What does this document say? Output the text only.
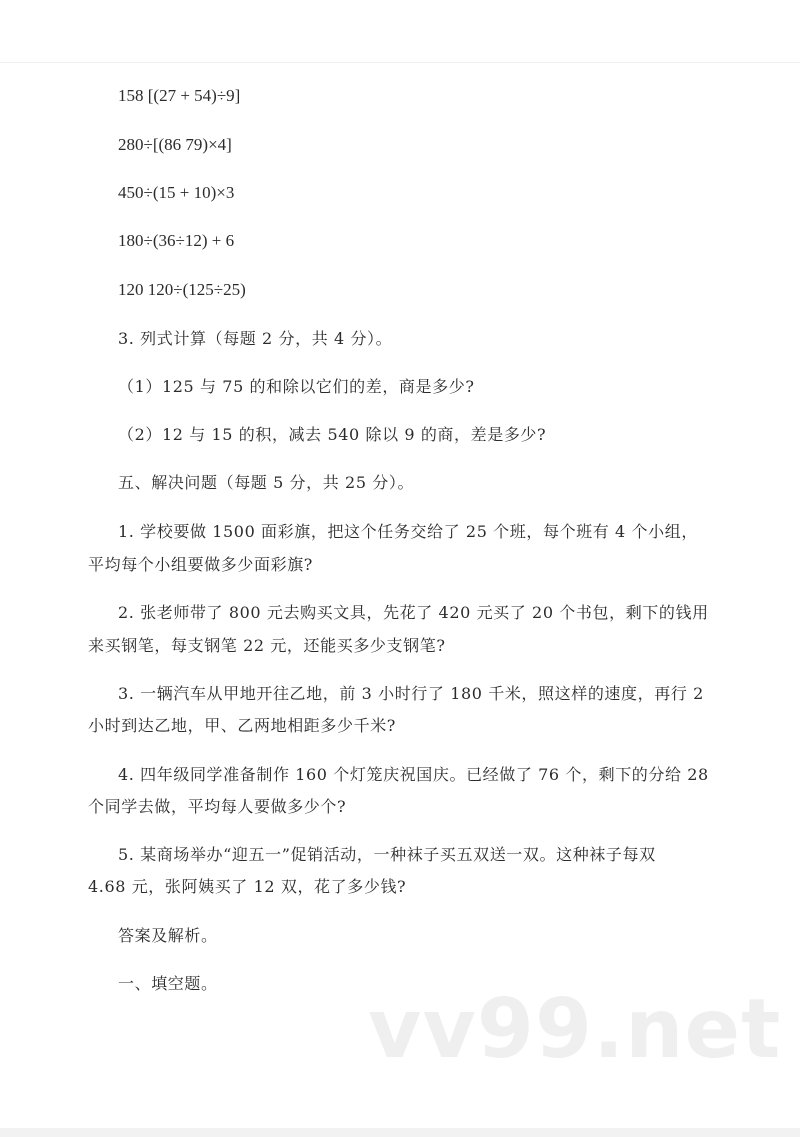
158 [(27 + 54)÷9]
280÷[(86 79)×4]
450÷(15 + 10)×3
180÷(36÷12) + 6
120 120÷(125÷25)
3. 列式计算（每题 2 分，共 4 分）。
（1）125 与 75 的和除以它们的差，商是多少?
（2）12 与 15 的积，减去 540 除以 9 的商，差是多少?
五、解决问题（每题 5 分，共 25 分）。
1. 学校要做 1500 面彩旗，把这个任务交给了 25 个班，每个班有 4 个小组，
平均每个小组要做多少面彩旗?
2. 张老师带了 800 元去购买文具，先花了 420 元买了 20 个书包，剩下的钱用
来买钢笔，每支钢笔 22 元，还能买多少支钢笔?
3. 一辆汽车从甲地开往乙地，前 3 小时行了 180 千米，照这样的速度，再行 2
小时到达乙地，甲、乙两地相距多少千米?
4. 四年级同学准备制作 160 个灯笼庆祝国庆。已经做了 76 个，剩下的分给 28
个同学去做，平均每人要做多少个?
5. 某商场举办“迎五一”促销活动，一种袜子买五双送一双。这种袜子每双
4.68 元，张阿姨买了 12 双，花了多少钱?
答案及解析。
一、填空题。 vv99.net
